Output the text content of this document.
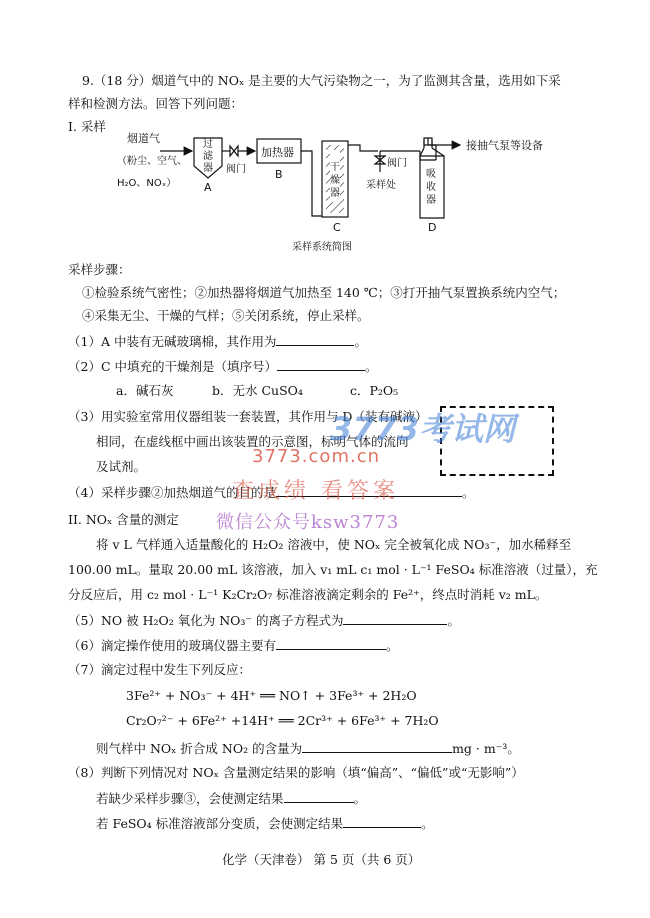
9.（18 分）烟道气中的 NOₓ 是主要的大气污染物之一，为了监测其含量，选用如下采
样和检测方法。回答下列问题：
I. 采样
烟道气
（粉尘、空气、
H₂O、NOₓ）
过
滤
器
A
阀门
加热器
B
干
燥
器
C
阀门
采样处
吸
收
器
D
接抽气泵等设备
采样系统简图
采样步骤：
①检验系统气密性；②加热器将烟道气加热至 140 ℃；③打开抽气泵置换系统内空气；
④采集无尘、干燥的气样；⑤关闭系统，停止采样。
（1）A 中装有无碱玻璃棉，其作用为	。
（2）C 中填充的干燥剂是（填序号）	。
a．碱石灰	b．无水 CuSO₄	c．P₂O₅
（3）用实验室常用仪器组装一套装置，其作用与 D（装有碱液）
相同，在虚线框中画出该装置的示意图，标明气体的流向
及试剂。
（4）采样步骤②加热烟道气的目的是	。
II. NOₓ 含量的测定
将 v L 气样通入适量酸化的 H₂O₂ 溶液中，使 NOₓ 完全被氧化成 NO₃⁻，加水稀释至
100.00 mL。量取 20.00 mL 该溶液，加入 v₁ mL c₁ mol · L⁻¹ FeSO₄ 标准溶液（过量），充
分反应后，用 c₂ mol · L⁻¹ K₂Cr₂O₇ 标准溶液滴定剩余的 Fe²⁺，终点时消耗 v₂ mL。
（5）NO 被 H₂O₂ 氧化为 NO₃⁻ 的离子方程式为	。
（6）滴定操作使用的玻璃仪器主要有	。
（7）滴定过程中发生下列反应：
3Fe²⁺ + NO₃⁻ + 4H⁺ ══ NO↑ + 3Fe³⁺ + 2H₂O
Cr₂O₇²⁻ + 6Fe²⁺ +14H⁺ ══ 2Cr³⁺ + 6Fe³⁺ + 7H₂O
则气样中 NOₓ 折合成 NO₂ 的含量为	mg · m⁻³。
（8）判断下列情况对 NOₓ 含量测定结果的影响（填“偏高”、“偏低”或“无影响”）
若缺少采样步骤③，会使测定结果	。
若 FeSO₄ 标准溶液部分变质，会使测定结果	。
化学（天津卷） 第 5 页（共 6 页）
3773考试网
3773.com.cn
查成绩 看答案
微信公众号ksw3773
